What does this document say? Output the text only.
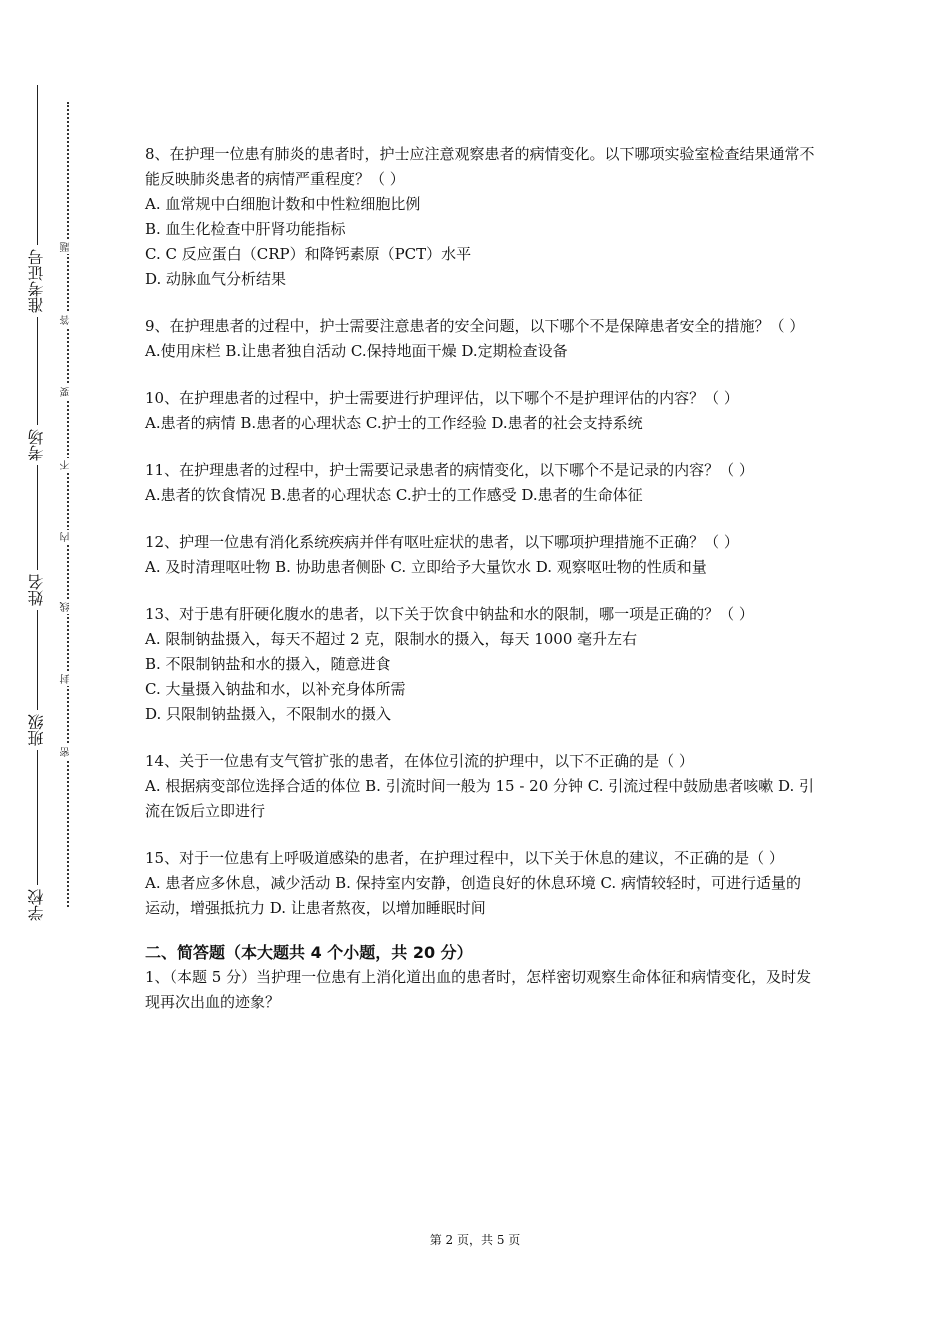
准考证号
考场
姓名
班级
学校
题
答
要
不
内
线
封
密

8、在护理一位患有肺炎的患者时，护士应注意观察患者的病情变化。以下哪项实验室检查结果通常不能反映肺炎患者的病情严重程度？（ ）

A. 血常规中白细胞计数和中性粒细胞比例

B. 血生化检查中肝肾功能指标

C. C 反应蛋白（CRP）和降钙素原（PCT）水平

D. 动脉血气分析结果

9、在护理患者的过程中，护士需要注意患者的安全问题，以下哪个不是保障患者安全的措施？（ ）

A.使用床栏 B.让患者独自活动 C.保持地面干燥 D.定期检查设备

10、在护理患者的过程中，护士需要进行护理评估，以下哪个不是护理评估的内容？（ ）

A.患者的病情 B.患者的心理状态 C.护士的工作经验 D.患者的社会支持系统

11、在护理患者的过程中，护士需要记录患者的病情变化，以下哪个不是记录的内容？（ ）

A.患者的饮食情况 B.患者的心理状态 C.护士的工作感受 D.患者的生命体征

12、护理一位患有消化系统疾病并伴有呕吐症状的患者，以下哪项护理措施不正确？（ ）

A. 及时清理呕吐物 B. 协助患者侧卧 C. 立即给予大量饮水 D. 观察呕吐物的性质和量

13、对于患有肝硬化腹水的患者，以下关于饮食中钠盐和水的限制，哪一项是正确的？（ ）

A. 限制钠盐摄入，每天不超过 2 克，限制水的摄入，每天 1000 毫升左右

B. 不限制钠盐和水的摄入，随意进食

C. 大量摄入钠盐和水，以补充身体所需

D. 只限制钠盐摄入，不限制水的摄入

14、关于一位患有支气管扩张的患者，在体位引流的护理中，以下不正确的是（ ）

A. 根据病变部位选择合适的体位 B. 引流时间一般为 15 - 20 分钟 C. 引流过程中鼓励患者咳嗽 D. 引流在饭后立即进行

15、对于一位患有上呼吸道感染的患者，在护理过程中，以下关于休息的建议，不正确的是（ ）

A. 患者应多休息，减少活动 B. 保持室内安静，创造良好的休息环境 C. 病情较轻时，可进行适量的运动，增强抵抗力 D. 让患者熬夜，以增加睡眠时间

二、简答题（本大题共 4 个小题，共 20 分）

1、（本题 5 分）当护理一位患有上消化道出血的患者时，怎样密切观察生命体征和病情变化，及时发现再次出血的迹象？

第 2 页，共 5 页
